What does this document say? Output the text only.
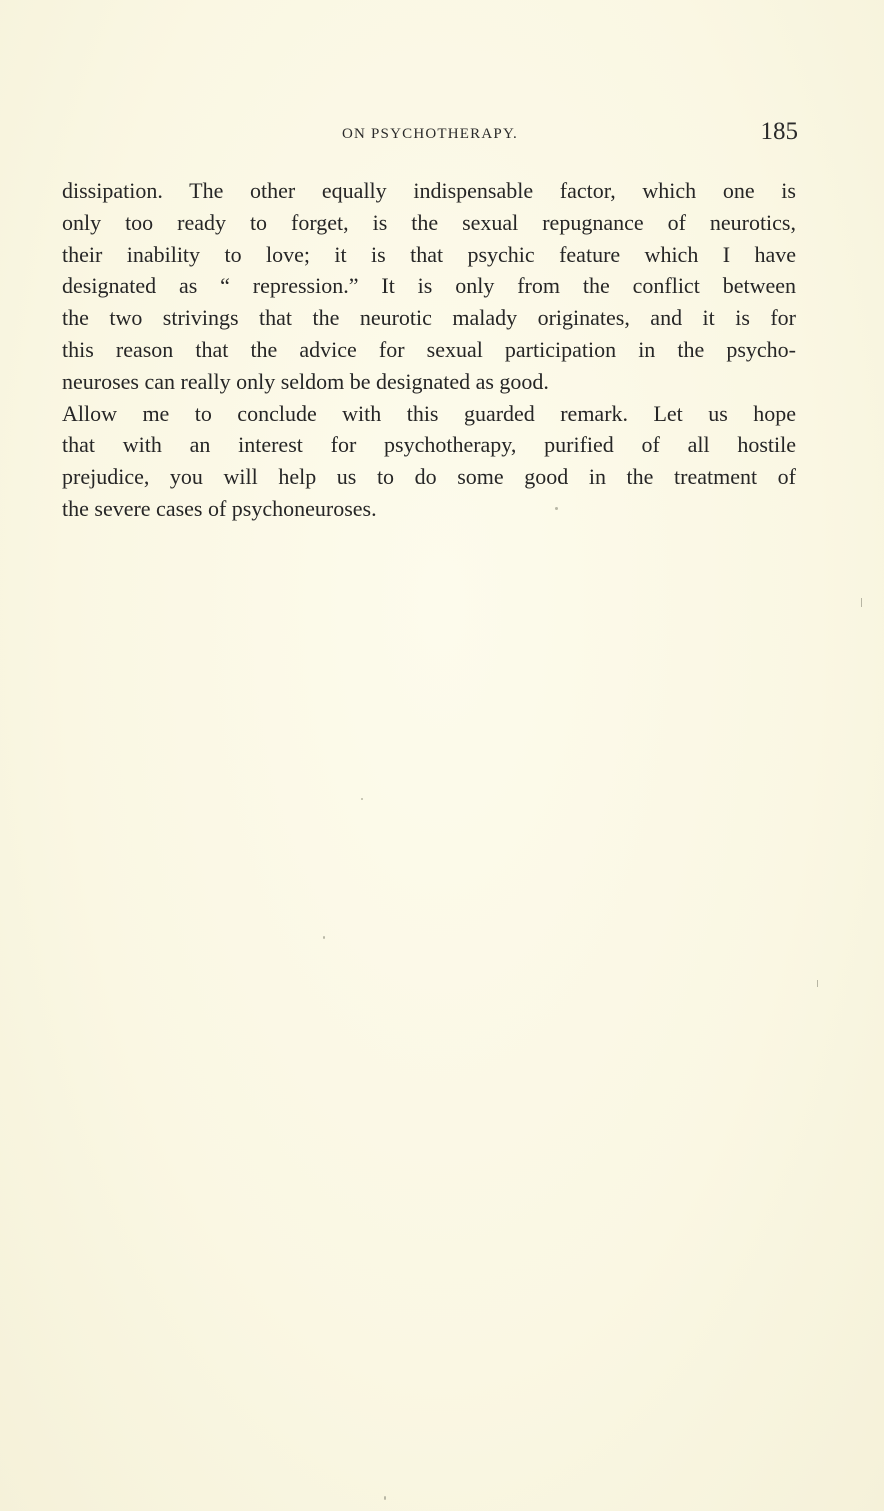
ON PSYCHOTHERAPY.	185
dissipation. The other equally indispensable factor, which one is
only too ready to forget, is the sexual repugnance of neurotics,
their inability to love; it is that psychic feature which I have
designated as “ repression.” It is only from the conflict between
the two strivings that the neurotic malady originates, and it is for
this reason that the advice for sexual participation in the psycho-
neuroses can really only seldom be designated as good.
Allow me to conclude with this guarded remark. Let us hope
that with an interest for psychotherapy, purified of all hostile
prejudice, you will help us to do some good in the treatment of
the severe cases of psychoneuroses.
